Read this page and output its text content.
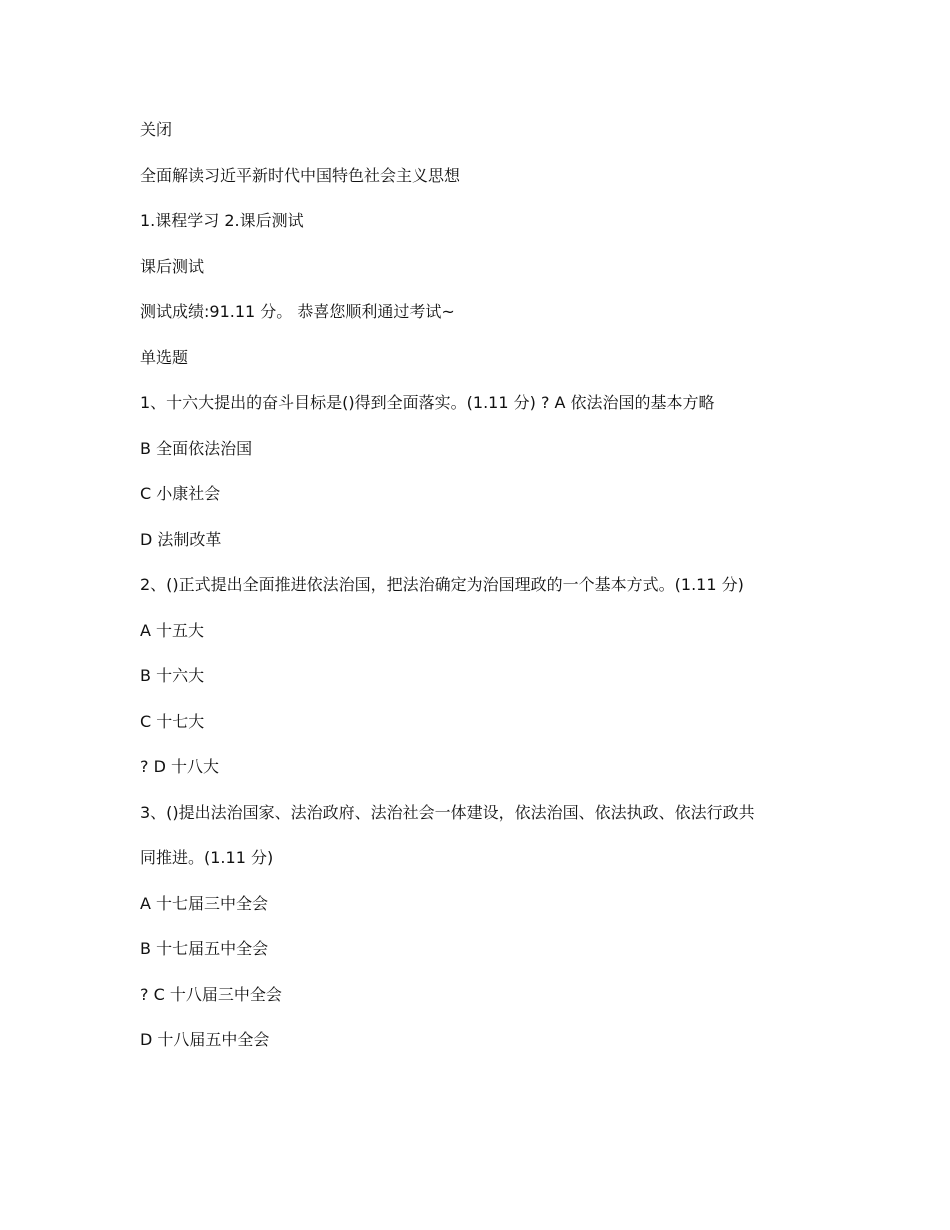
关闭

全面解读习近平新时代中国特色社会主义思想

1.课程学习 2.课后测试

课后测试

测试成绩:91.11 分。 恭喜您顺利通过考试~

单选题

1、十六大提出的奋斗目标是()得到全面落实。(1.11 分) ? A 依法治国的基本方略

B 全面依法治国

C 小康社会

D 法制改革

2、()正式提出全面推进依法治国，把法治确定为治国理政的一个基本方式。(1.11 分)

A 十五大

B 十六大

C 十七大

? D 十八大

3、()提出法治国家、法治政府、法治社会一体建设，依法治国、依法执政、依法行政共

同推进。(1.11 分)

A 十七届三中全会

B 十七届五中全会

? C 十八届三中全会

D 十八届五中全会
